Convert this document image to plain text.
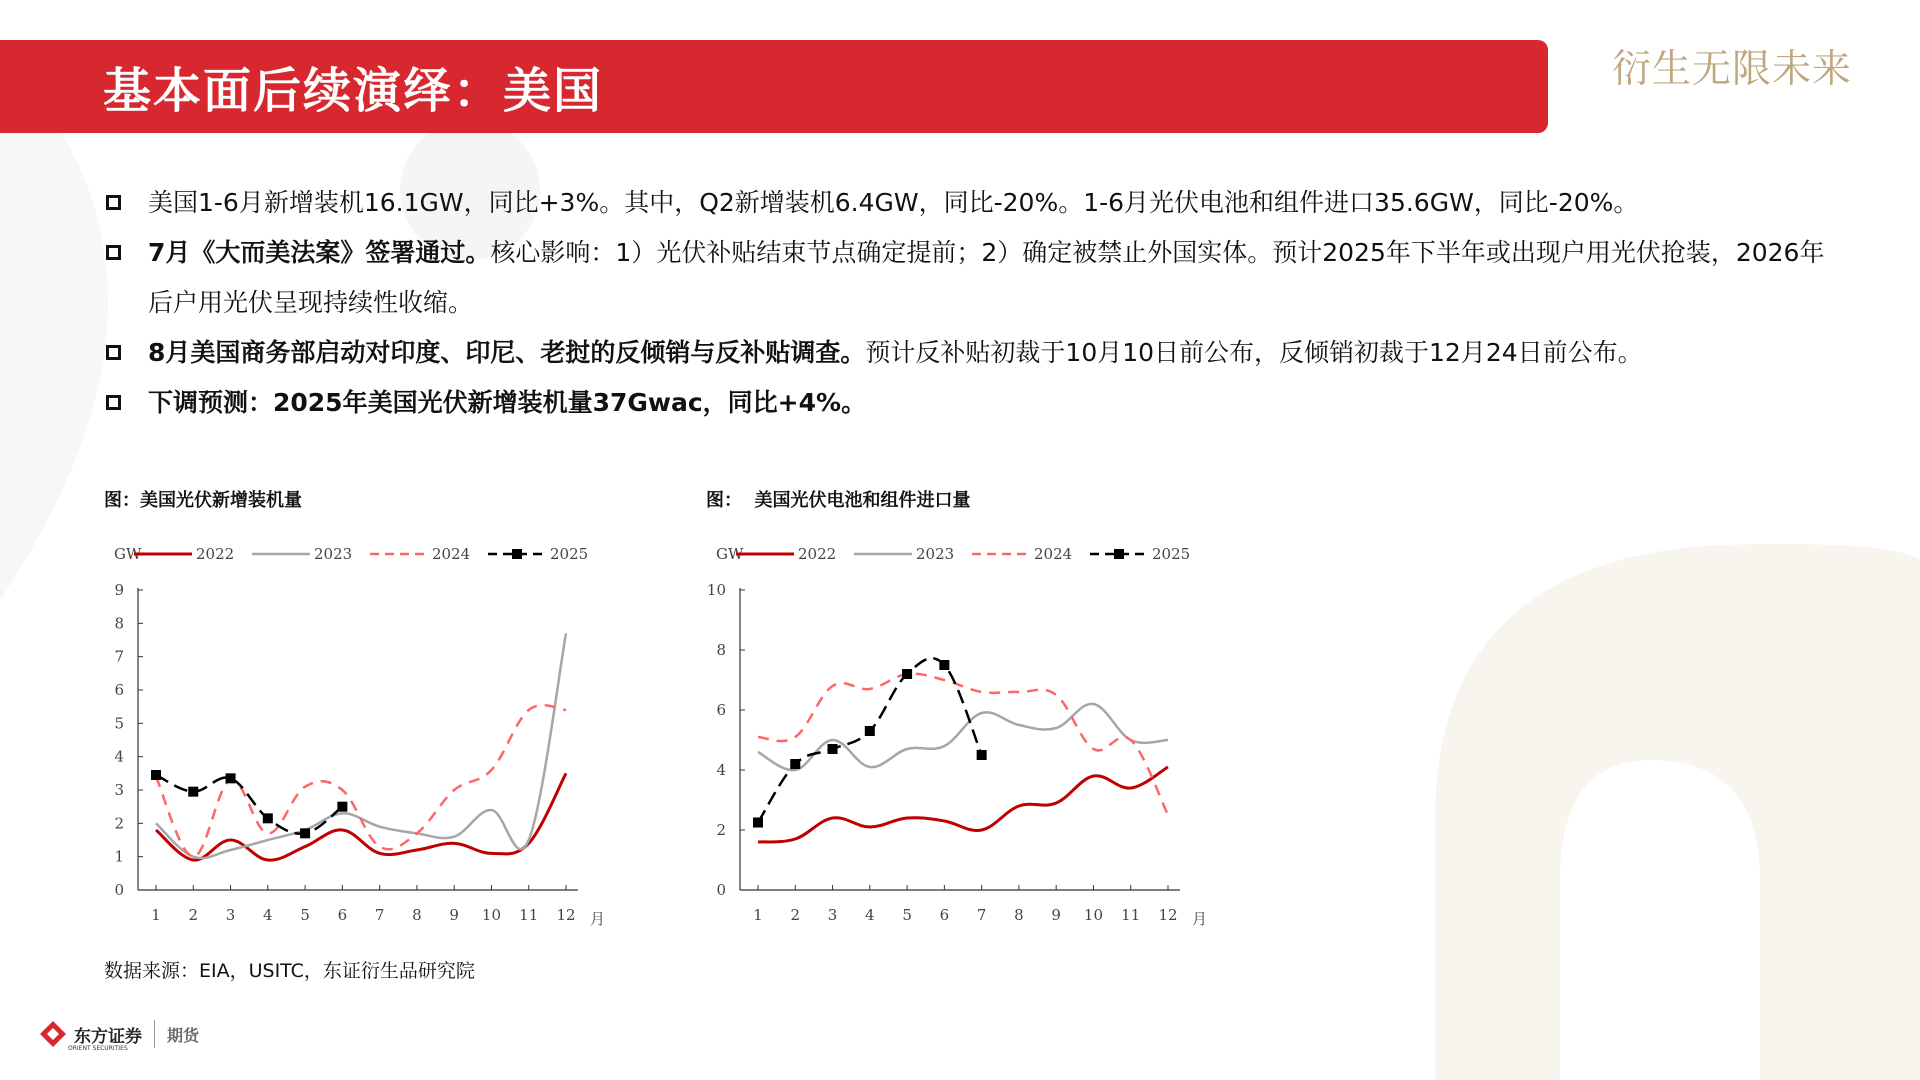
基本面后续演绎：美国	衍生无限未来
美国1-6月新增装机16.1GW，同比+3%。其中，Q2新增装机6.4GW，同比-20%。1-6月光伏电池和组件进口35.6GW，同比-20%。
7月《大而美法案》签署通过。核心影响：1）光伏补贴结束节点确定提前；2）确定被禁止外国实体。预计2025年下半年或出现户用光伏抢装，2026年后户用光伏呈现持续性收缩。
8月美国商务部启动对印度、印尼、老挝的反倾销与反补贴调查。预计反补贴初裁于10月10日前公布，反倾销初裁于12月24日前公布。
下调预测：2025年美国光伏新增装机量37Gwac，同比+4%。
图：美国光伏新增装机量	图：  美国光伏电池和组件进口量
GW	2022	2023	2024	2025
0
1
2
3
4
5
6
7
8
9
1 2 3 4 5 6 7 8 9 10 11 12 月
GW	2022	2023	2024	2025
0
2
4
6
8
10
1 2 3 4 5 6 7 8 9 10 11 12 月
数据来源：EIA，USITC，东证衍生品研究院
东方证券 期货
ORIENT SECURITIES
